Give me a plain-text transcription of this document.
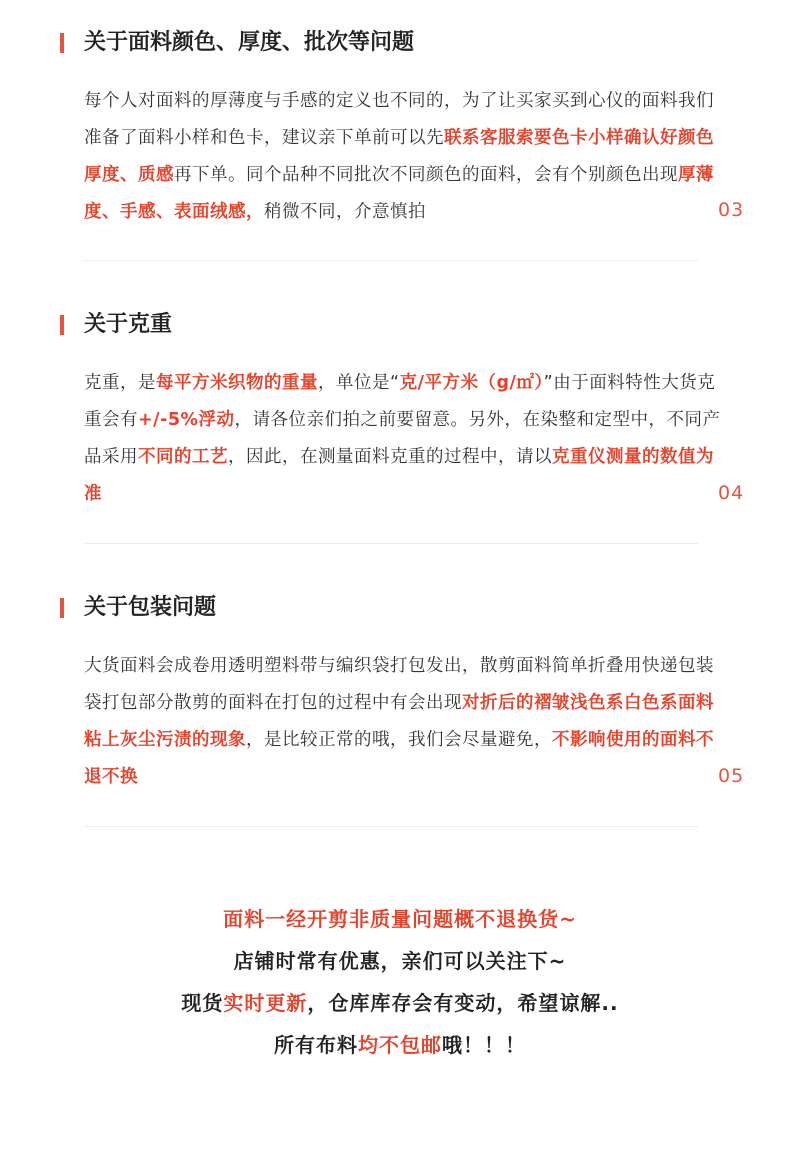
关于面料颜色、厚度、批次等问题
每个人对面料的厚薄度与手感的定义也不同的，为了让买家买到心仪的面料我们准备了面料小样和色卡，建议亲下单前可以先联系客服索要色卡小样确认好颜色厚度、质感再下单。同个品种不同批次不同颜色的面料，会有个别颜色出现厚薄度、手感、表面绒感，稍微不同，介意慎拍	03
关于克重
克重，是每平方米织物的重量，单位是“克/平方米（g/㎡）”由于面料特性大货克重会有+/-5%浮动，请各位亲们拍之前要留意。另外，在染整和定型中，不同产品采用不同的工艺，因此，在测量面料克重的过程中，请以克重仪测量的数值为准	04
关于包装问题
大货面料会成卷用透明塑料带与编织袋打包发出，散剪面料简单折叠用快递包装袋打包部分散剪的面料在打包的过程中有会出现对折后的褶皱浅色系白色系面料粘上灰尘污渍的现象，是比较正常的哦，我们会尽量避免，不影响使用的面料不退不换	05
面料一经开剪非质量问题概不退换货~
店铺时常有优惠，亲们可以关注下~
现货实时更新，仓库库存会有变动，希望谅解..
所有布料均不包邮哦！！！
